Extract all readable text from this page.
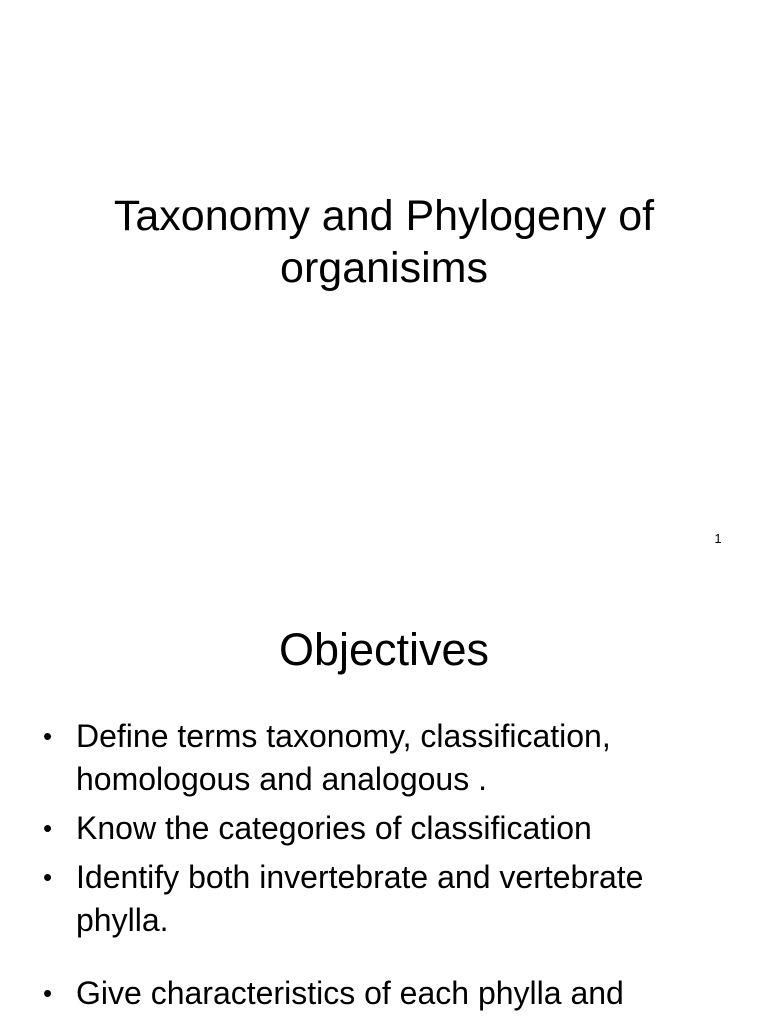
Taxonomy and Phylogeny of
organisims
1
Objectives
• Define terms taxonomy, classification, homologous and analogous .
• Know the categories of classification
• Identify both invertebrate and vertebrate phylla.
• Give characteristics of each phylla and
